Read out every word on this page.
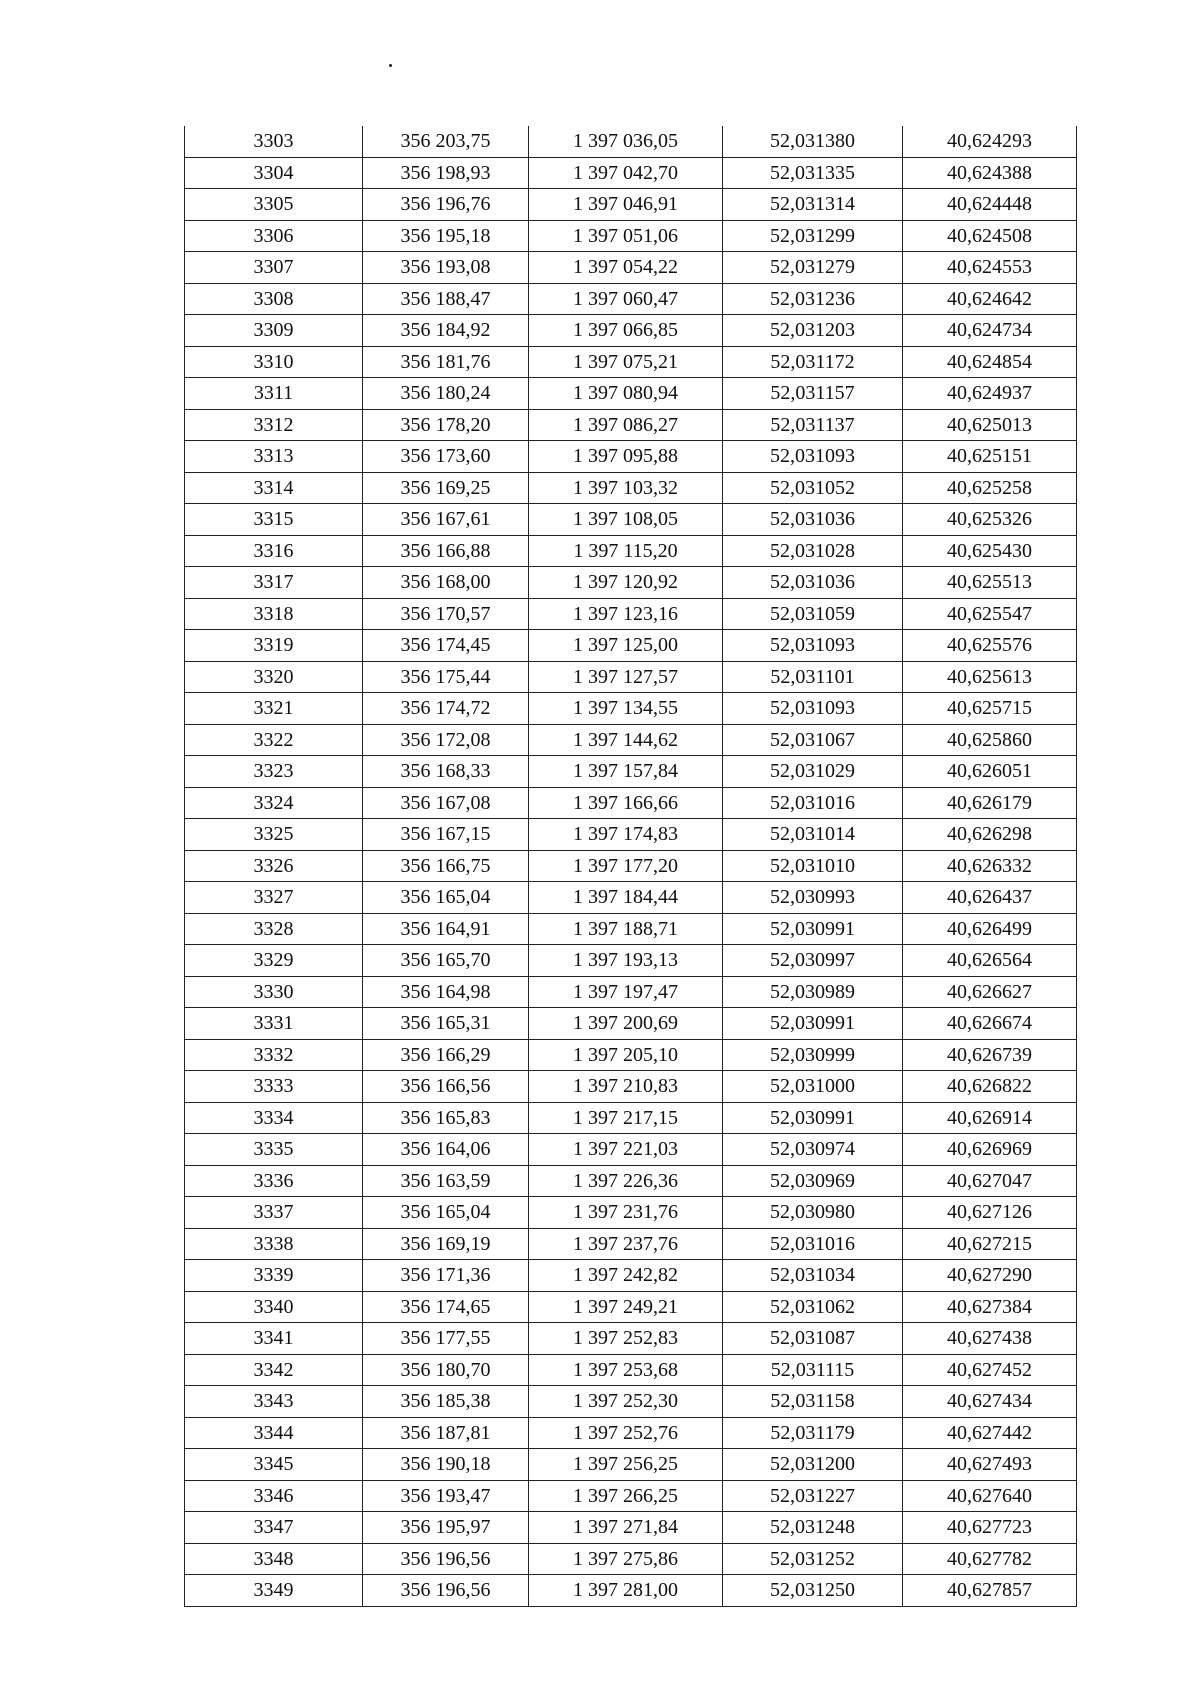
3303	356 203,75	1 397 036,05	52,031380	40,624293
3304	356 198,93	1 397 042,70	52,031335	40,624388
3305	356 196,76	1 397 046,91	52,031314	40,624448
3306	356 195,18	1 397 051,06	52,031299	40,624508
3307	356 193,08	1 397 054,22	52,031279	40,624553
3308	356 188,47	1 397 060,47	52,031236	40,624642
3309	356 184,92	1 397 066,85	52,031203	40,624734
3310	356 181,76	1 397 075,21	52,031172	40,624854
3311	356 180,24	1 397 080,94	52,031157	40,624937
3312	356 178,20	1 397 086,27	52,031137	40,625013
3313	356 173,60	1 397 095,88	52,031093	40,625151
3314	356 169,25	1 397 103,32	52,031052	40,625258
3315	356 167,61	1 397 108,05	52,031036	40,625326
3316	356 166,88	1 397 115,20	52,031028	40,625430
3317	356 168,00	1 397 120,92	52,031036	40,625513
3318	356 170,57	1 397 123,16	52,031059	40,625547
3319	356 174,45	1 397 125,00	52,031093	40,625576
3320	356 175,44	1 397 127,57	52,031101	40,625613
3321	356 174,72	1 397 134,55	52,031093	40,625715
3322	356 172,08	1 397 144,62	52,031067	40,625860
3323	356 168,33	1 397 157,84	52,031029	40,626051
3324	356 167,08	1 397 166,66	52,031016	40,626179
3325	356 167,15	1 397 174,83	52,031014	40,626298
3326	356 166,75	1 397 177,20	52,031010	40,626332
3327	356 165,04	1 397 184,44	52,030993	40,626437
3328	356 164,91	1 397 188,71	52,030991	40,626499
3329	356 165,70	1 397 193,13	52,030997	40,626564
3330	356 164,98	1 397 197,47	52,030989	40,626627
3331	356 165,31	1 397 200,69	52,030991	40,626674
3332	356 166,29	1 397 205,10	52,030999	40,626739
3333	356 166,56	1 397 210,83	52,031000	40,626822
3334	356 165,83	1 397 217,15	52,030991	40,626914
3335	356 164,06	1 397 221,03	52,030974	40,626969
3336	356 163,59	1 397 226,36	52,030969	40,627047
3337	356 165,04	1 397 231,76	52,030980	40,627126
3338	356 169,19	1 397 237,76	52,031016	40,627215
3339	356 171,36	1 397 242,82	52,031034	40,627290
3340	356 174,65	1 397 249,21	52,031062	40,627384
3341	356 177,55	1 397 252,83	52,031087	40,627438
3342	356 180,70	1 397 253,68	52,031115	40,627452
3343	356 185,38	1 397 252,30	52,031158	40,627434
3344	356 187,81	1 397 252,76	52,031179	40,627442
3345	356 190,18	1 397 256,25	52,031200	40,627493
3346	356 193,47	1 397 266,25	52,031227	40,627640
3347	356 195,97	1 397 271,84	52,031248	40,627723
3348	356 196,56	1 397 275,86	52,031252	40,627782
3349	356 196,56	1 397 281,00	52,031250	40,627857
